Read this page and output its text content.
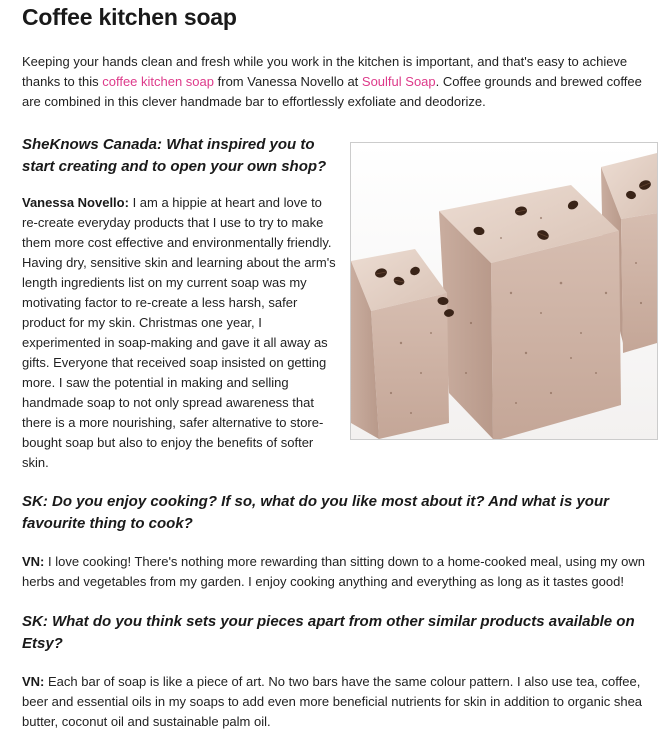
Coffee kitchen soap

Keeping your hands clean and fresh while you work in the kitchen is important, and that's easy to achieve thanks to this coffee kitchen soap from Vanessa Novello at Soulful Soap. Coffee grounds and brewed coffee are combined in this clever handmade bar to effortlessly exfoliate and deodorize.

SheKnows Canada: What inspired you to start creating and to open your own shop?

Vanessa Novello: I am a hippie at heart and love to re-create everyday products that I use to try to make them more cost effective and environmentally friendly. Having dry, sensitive skin and learning about the arm's length ingredients list on my current soap was my motivating factor to re-create a less harsh, safer product for my skin. Christmas one year, I experimented in soap-making and gave it all away as gifts. Everyone that received soap insisted on getting more. I saw the potential in making and selling handmade soap to not only spread awareness that there is a more nourishing, safer alternative to store-bought soap but also to enjoy the benefits of softer skin.

SK: Do you enjoy cooking? If so, what do you like most about it? And what is your favourite thing to cook?

VN: I love cooking! There's nothing more rewarding than sitting down to a home-cooked meal, using my own herbs and vegetables from my garden. I enjoy cooking anything and everything as long as it tastes good!

SK: What do you think sets your pieces apart from other similar products available on Etsy?

VN: Each bar of soap is like a piece of art. No two bars have the same colour pattern. I also use tea, coffee, beer and essential oils in my soaps to add even more beneficial nutrients for skin in addition to organic shea butter, coconut oil and sustainable palm oil.
